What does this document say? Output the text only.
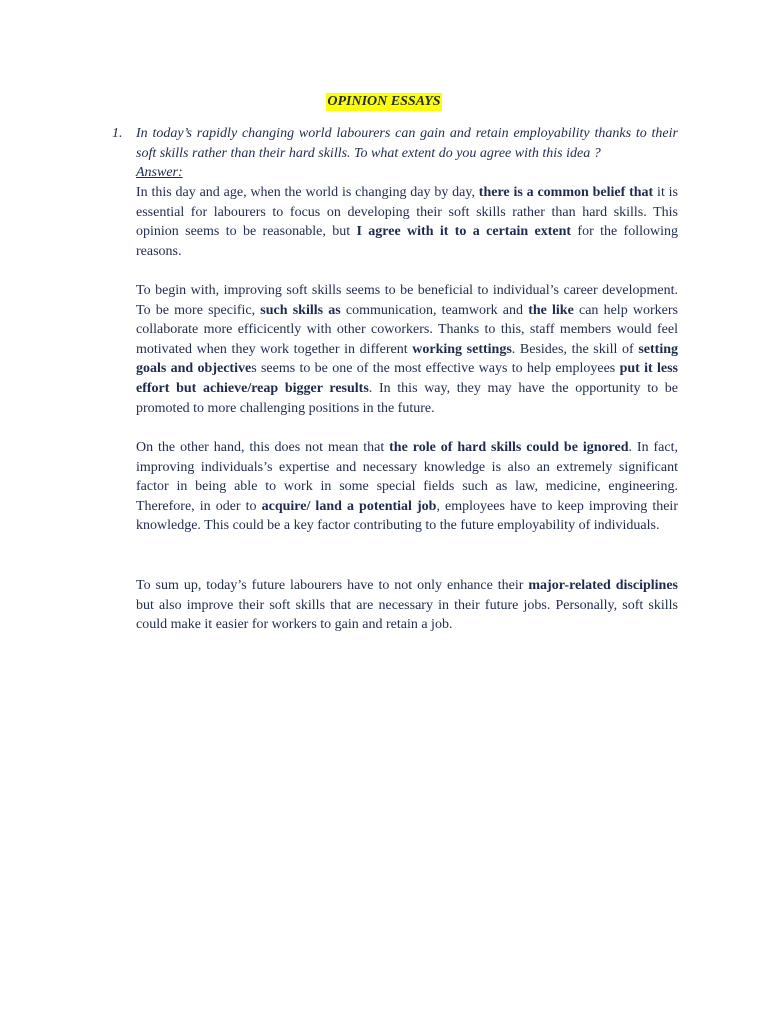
OPINION ESSAYS
1. In today’s rapidly changing world labourers can gain and retain employability thanks to their soft skills rather than their hard skills. To what extent do you agree with this idea ?
Answer:

In this day and age, when the world is changing day by day, there is a common belief that it is essential for labourers to focus on developing their soft skills rather than hard skills. This opinion seems to be reasonable, but I agree with it to a certain extent for the following reasons.

To begin with, improving soft skills seems to be beneficial to individual’s career development. To be more specific, such skills as communication, teamwork and the like can help workers collaborate more efficicently with other coworkers. Thanks to this, staff members would feel motivated when they work together in different working settings. Besides, the skill of setting goals and objectives seems to be one of the most effective ways to help employees put it less effort but achieve/reap bigger results. In this way, they may have the opportunity to be promoted to more challenging positions in the future.

On the other hand, this does not mean that the role of hard skills could be ignored. In fact, improving individuals’s expertise and necessary knowledge is also an extremely significant factor in being able to work in some special fields such as law, medicine, engineering. Therefore, in oder to acquire/ land a potential job, employees have to keep improving their knowledge. This could be a key factor contributing to the future employability of individuals.

To sum up, today’s future labourers have to not only enhance their major-related disciplines but also improve their soft skills that are necessary in their future jobs. Personally, soft skills could make it easier for workers to gain and retain a job.
